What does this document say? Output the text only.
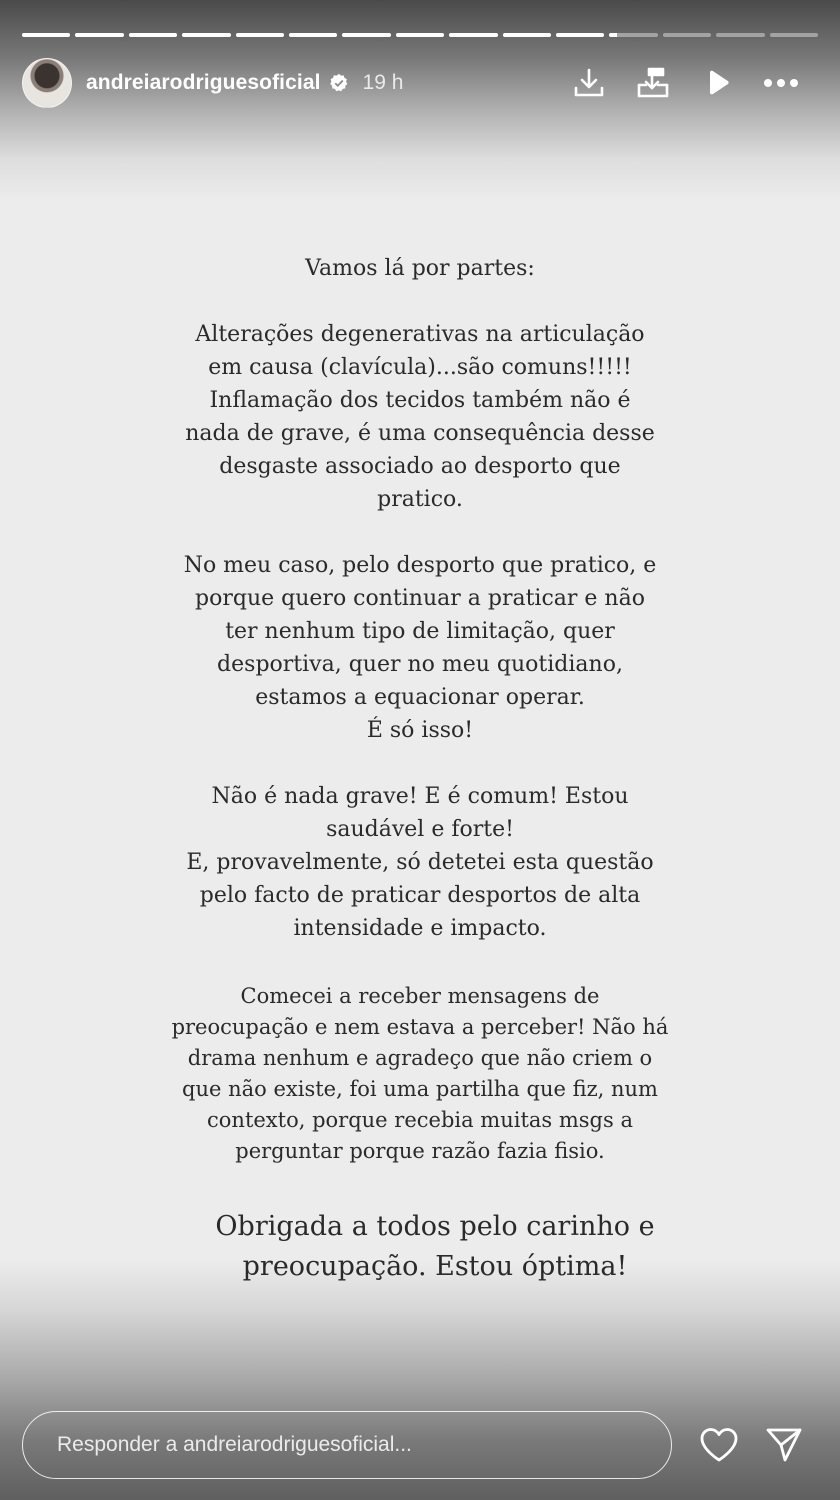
andreiarodriguesoficial 19 h

Vamos lá por partes:

Alterações degenerativas na articulação
em causa (clavícula)...são comuns!!!!!
Inflamação dos tecidos também não é
nada de grave, é uma consequência desse
desgaste associado ao desporto que
pratico.

No meu caso, pelo desporto que pratico, e
porque quero continuar a praticar e não
ter nenhum tipo de limitação, quer
desportiva, quer no meu quotidiano,
estamos a equacionar operar.
É só isso!

Não é nada grave! E é comum! Estou
saudável e forte!
E, provavelmente, só detetei esta questão
pelo facto de praticar desportos de alta
intensidade e impacto.

Comecei a receber mensagens de
preocupação e nem estava a perceber! Não há
drama nenhum e agradeço que não criem o
que não existe, foi uma partilha que fiz, num
contexto, porque recebia muitas msgs a
perguntar porque razão fazia fisio.

Obrigada a todos pelo carinho e
preocupação. Estou óptima!

Responder a andreiarodriguesoficial...
